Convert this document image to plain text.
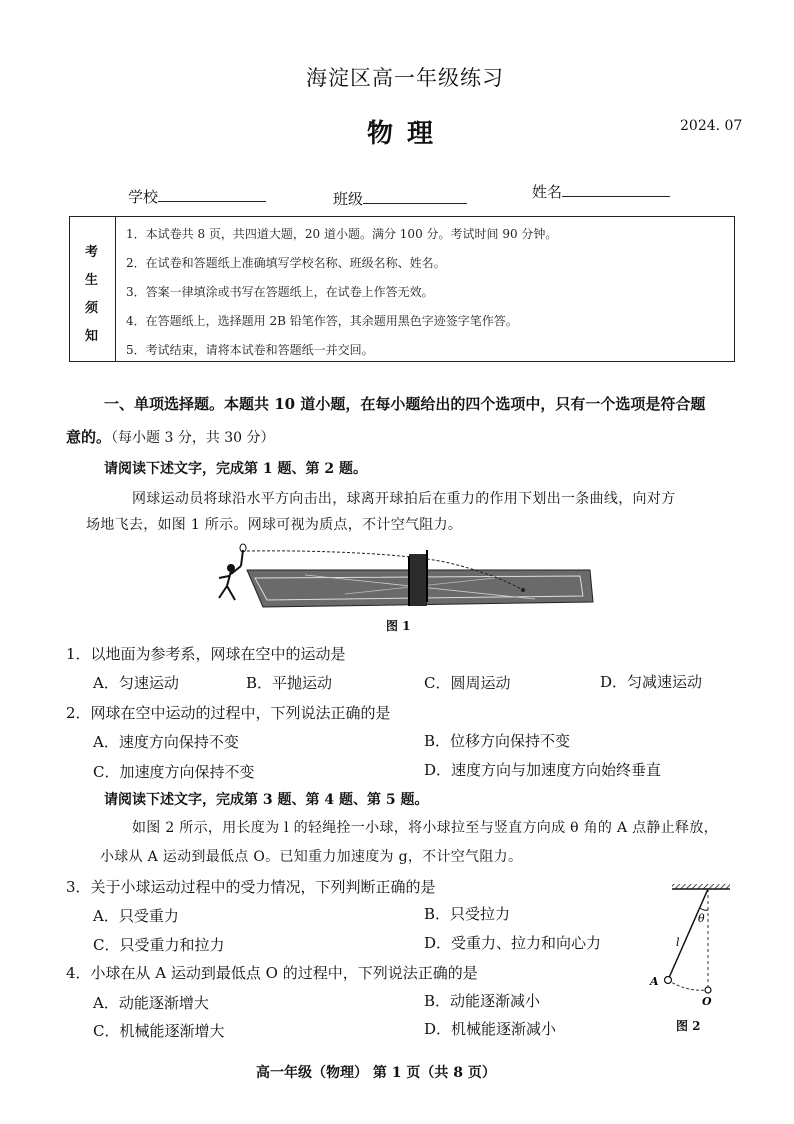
海淀区高一年级练习
物理	2024. 07
学校	班级	姓名
考
生
须
知
1．本试卷共 8 页，共四道大题，20 道小题。满分 100 分。考试时间 90 分钟。
2．在试卷和答题纸上准确填写学校名称、班级名称、姓名。
3．答案一律填涂或书写在答题纸上，在试卷上作答无效。
4．在答题纸上，选择题用 2B 铅笔作答，其余题用黑色字迹签字笔作答。
5．考试结束，请将本试卷和答题纸一并交回。
一、单项选择题。本题共 10 道小题，在每小题给出的四个选项中，只有一个选项是符合题
意的。（每小题 3 分，共 30 分）
请阅读下述文字，完成第 1 题、第 2 题。
网球运动员将球沿水平方向击出，球离开球拍后在重力的作用下划出一条曲线，向对方
场地飞去，如图 1 所示。网球可视为质点，不计空气阻力。
图 1
1．以地面为参考系，网球在空中的运动是
A．匀速运动	B．平抛运动	C．圆周运动	D．匀减速运动
2．网球在空中运动的过程中，下列说法正确的是
A．速度方向保持不变	B．位移方向保持不变
C．加速度方向保持不变	D．速度方向与加速度方向始终垂直
请阅读下述文字，完成第 3 题、第 4 题、第 5 题。
如图 2 所示，用长度为 l 的轻绳拴一小球，将小球拉至与竖直方向成 θ 角的 A 点静止释放，
小球从 A 运动到最低点 O。已知重力加速度为 g，不计空气阻力。
3．关于小球运动过程中的受力情况，下列判断正确的是
A．只受重力	B．只受拉力
C．只受重力和拉力	D．受重力、拉力和向心力
4．小球在从 A 运动到最低点 O 的过程中，下列说法正确的是
A．动能逐渐增大	B．动能逐渐减小
C．机械能逐渐增大	D．机械能逐渐减小
θ
l
A
O
图 2
高一年级（物理） 第 1 页（共 8 页）
